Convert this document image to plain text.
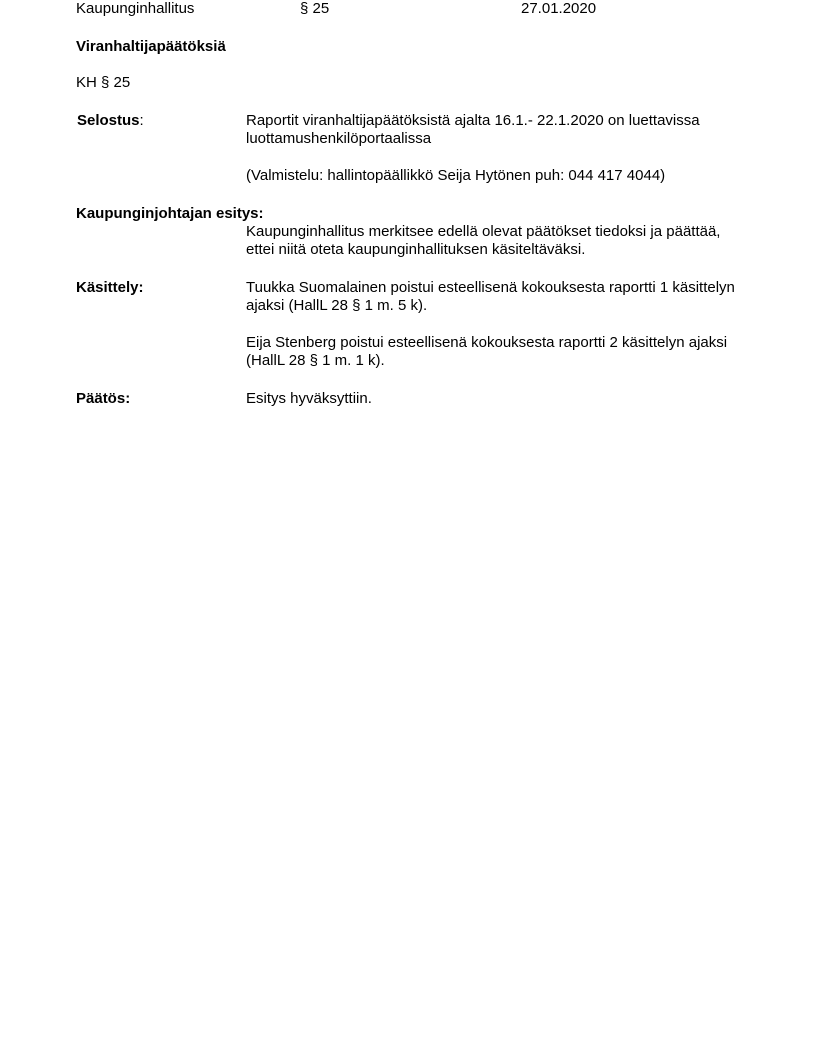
Kaupunginhallitus	§ 25	27.01.2020
Viranhaltijapäätöksiä
KH § 25
Selostus:	Raportit viranhaltijapäätöksistä ajalta 16.1.- 22.1.2020 on luettavissa luottamushenkilöportaalissa
(Valmistelu: hallintopäällikkö Seija Hytönen puh: 044 417 4044)
Kaupunginjohtajan esitys:
Kaupunginhallitus merkitsee edellä olevat päätökset tiedoksi ja päättää, ettei niitä oteta kaupunginhallituksen käsiteltäväksi.
Käsittely:	Tuukka Suomalainen poistui esteellisenä kokouksesta raportti 1 käsittelyn ajaksi (HallL 28 § 1 m. 5 k).
Eija Stenberg poistui esteellisenä kokouksesta raportti 2 käsittelyn ajaksi (HallL 28 § 1 m. 1 k).
Päätös:	Esitys hyväksyttiin.
